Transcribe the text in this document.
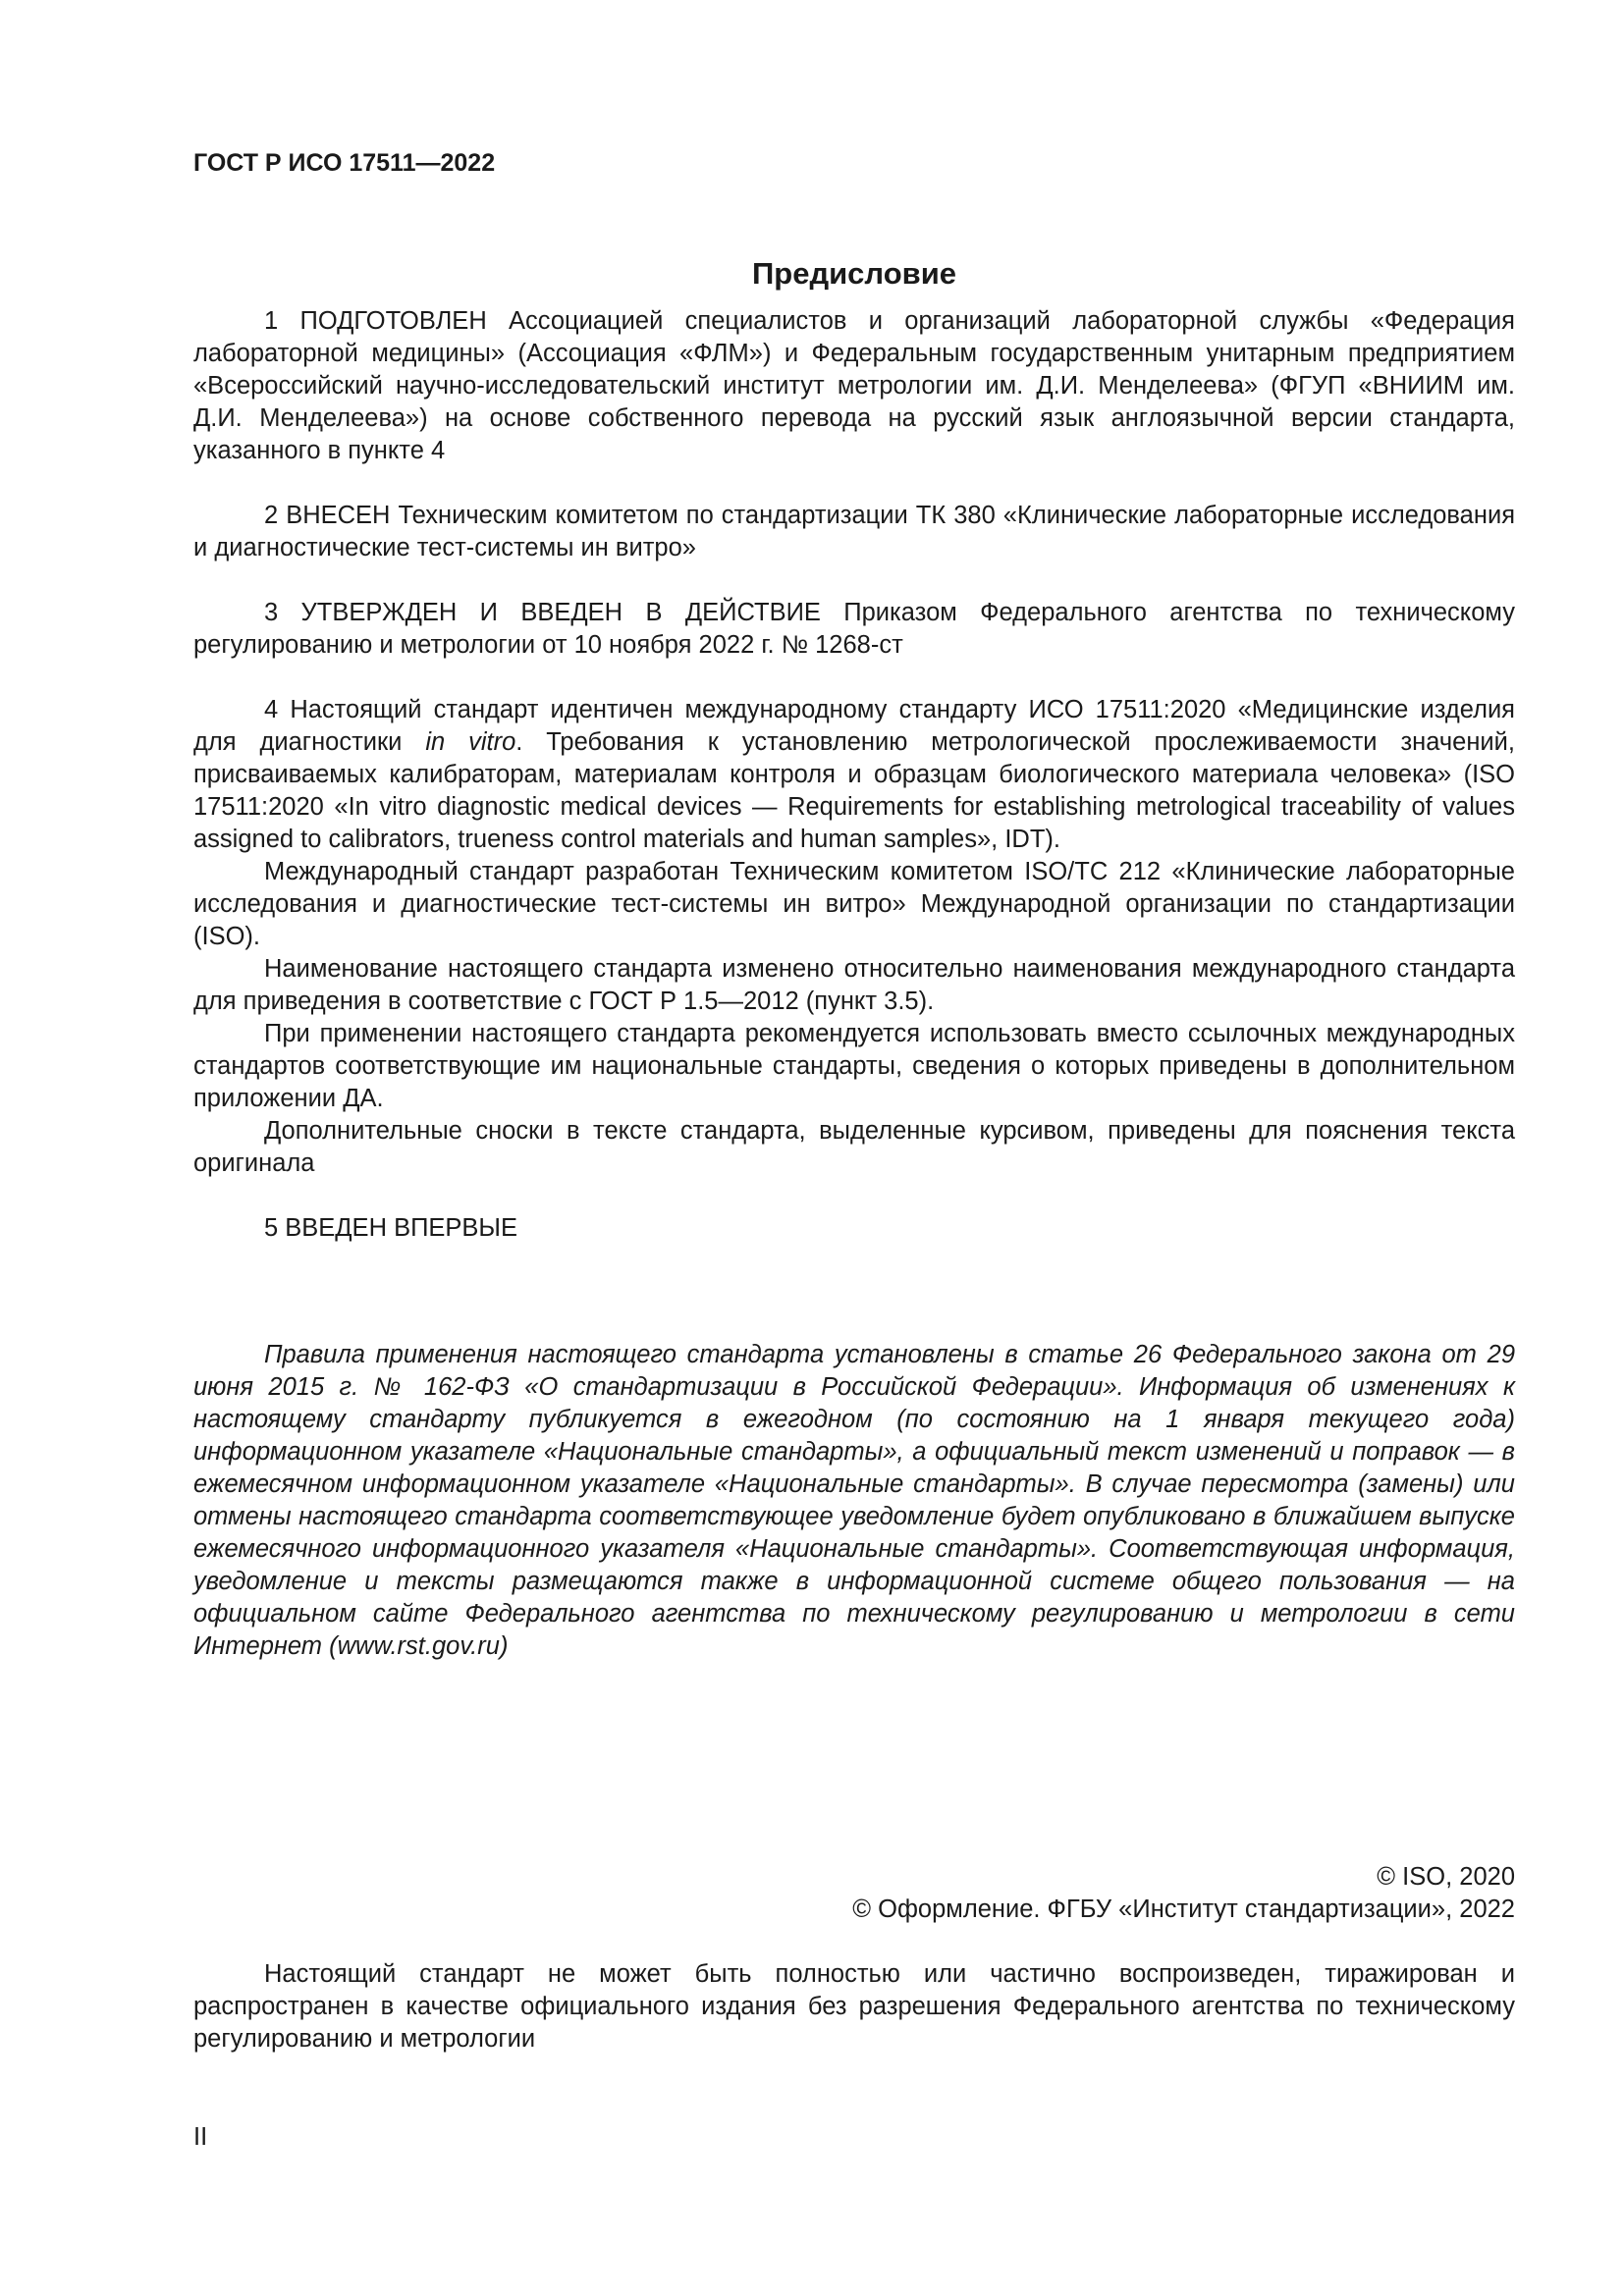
ГОСТ Р ИСО 17511—2022
Предисловие

1 ПОДГОТОВЛЕН Ассоциацией специалистов и организаций лабораторной службы «Федерация лабораторной медицины» (Ассоциация «ФЛМ») и Федеральным государственным унитарным предприятием «Всероссийский научно-исследовательский институт метрологии им. Д.И. Менделеева» (ФГУП «ВНИИМ им. Д.И. Менделеева») на основе собственного перевода на русский язык англоязычной версии стандарта, указанного в пункте 4

2 ВНЕСЕН Техническим комитетом по стандартизации ТК 380 «Клинические лабораторные исследования и диагностические тест-системы ин витро»

3 УТВЕРЖДЕН И ВВЕДЕН В ДЕЙСТВИЕ Приказом Федерального агентства по техническому регулированию и метрологии от 10 ноября 2022 г. № 1268-ст

4 Настоящий стандарт идентичен международному стандарту ИСО 17511:2020 «Медицинские изделия для диагностики in vitro. Требования к установлению метрологической прослеживаемости значений, присваиваемых калибраторам, материалам контроля и образцам биологического материала человека» (ISO 17511:2020 «In vitro diagnostic medical devices — Requirements for establishing metrological traceability of values assigned to calibrators, trueness control materials and human samples», IDT).

Международный стандарт разработан Техническим комитетом ISO/TC 212 «Клинические лабораторные исследования и диагностические тест-системы ин витро» Международной организации по стандартизации (ISO).

Наименование настоящего стандарта изменено относительно наименования международного стандарта для приведения в соответствие с ГОСТ Р 1.5—2012 (пункт 3.5).

При применении настоящего стандарта рекомендуется использовать вместо ссылочных международных стандартов соответствующие им национальные стандарты, сведения о которых приведены в дополнительном приложении ДА.

Дополнительные сноски в тексте стандарта, выделенные курсивом, приведены для пояснения текста оригинала

5 ВВЕДЕН ВПЕРВЫЕ

Правила применения настоящего стандарта установлены в статье 26 Федерального закона от 29 июня 2015 г. № 162-ФЗ «О стандартизации в Российской Федерации». Информация об изменениях к настоящему стандарту публикуется в ежегодном (по состоянию на 1 января текущего года) информационном указателе «Национальные стандарты», а официальный текст изменений и поправок — в ежемесячном информационном указателе «Национальные стандарты». В случае пересмотра (замены) или отмены настоящего стандарта соответствующее уведомление будет опубликовано в ближайшем выпуске ежемесячного информационного указателя «Национальные стандарты». Соответствующая информация, уведомление и тексты размещаются также в информационной системе общего пользования — на официальном сайте Федерального агентства по техническому регулированию и метрологии в сети Интернет (www.rst.gov.ru)

© ISO, 2020
© Оформление. ФГБУ «Институт стандартизации», 2022

Настоящий стандарт не может быть полностью или частично воспроизведен, тиражирован и распространен в качестве официального издания без разрешения Федерального агентства по техническому регулированию и метрологии

II
